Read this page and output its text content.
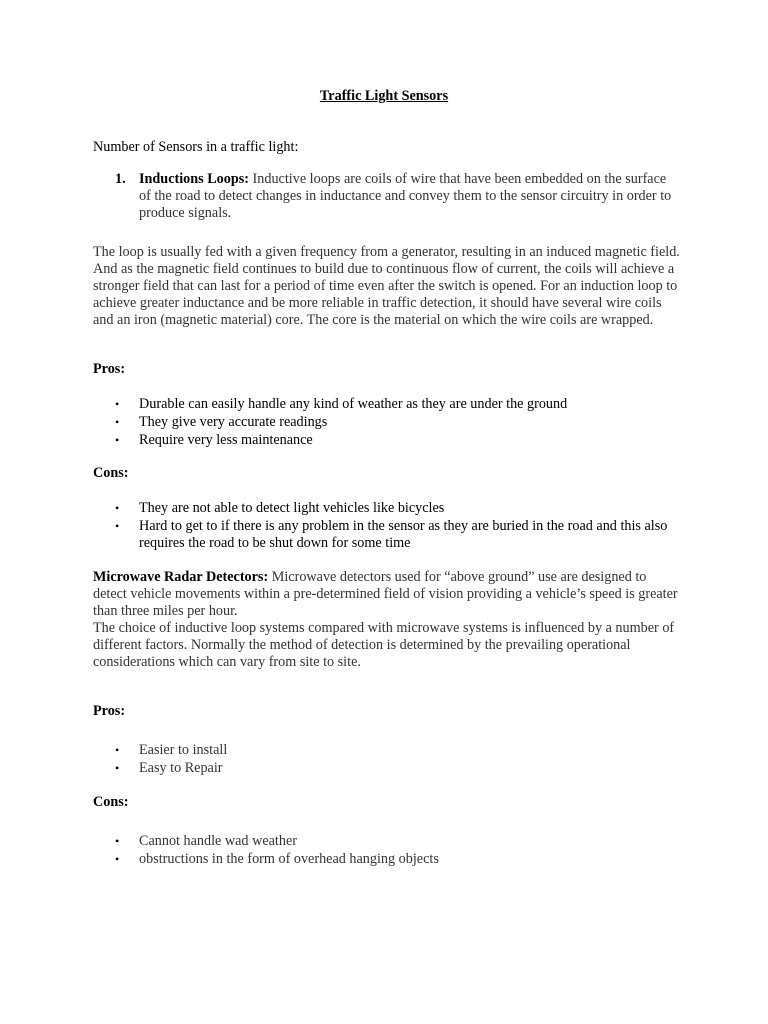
Traffic Light Sensors

Number of Sensors in a traffic light:

1. Inductions Loops: Inductive loops are coils of wire that have been embedded on the surface of the road to detect changes in inductance and convey them to the sensor circuitry in order to produce signals.

The loop is usually fed with a given frequency from a generator, resulting in an induced magnetic field. And as the magnetic field continues to build due to continuous flow of current, the coils will achieve a stronger field that can last for a period of time even after the switch is opened. For an induction loop to achieve greater inductance and be more reliable in traffic detection, it should have several wire coils and an iron (magnetic material) core. The core is the material on which the wire coils are wrapped.

Pros:

• Durable can easily handle any kind of weather as they are under the ground
• They give very accurate readings
• Require very less maintenance

Cons:

• They are not able to detect light vehicles like bicycles
• Hard to get to if there is any problem in the sensor as they are buried in the road and this also requires the road to be shut down for some time

Microwave Radar Detectors: Microwave detectors used for “above ground” use are designed to detect vehicle movements within a pre-determined field of vision providing a vehicle’s speed is greater than three miles per hour.

The choice of inductive loop systems compared with microwave systems is influenced by a number of different factors. Normally the method of detection is determined by the prevailing operational considerations which can vary from site to site.

Pros:

• Easier to install
• Easy to Repair

Cons:

• Cannot handle wad weather
• obstructions in the form of overhead hanging objects
